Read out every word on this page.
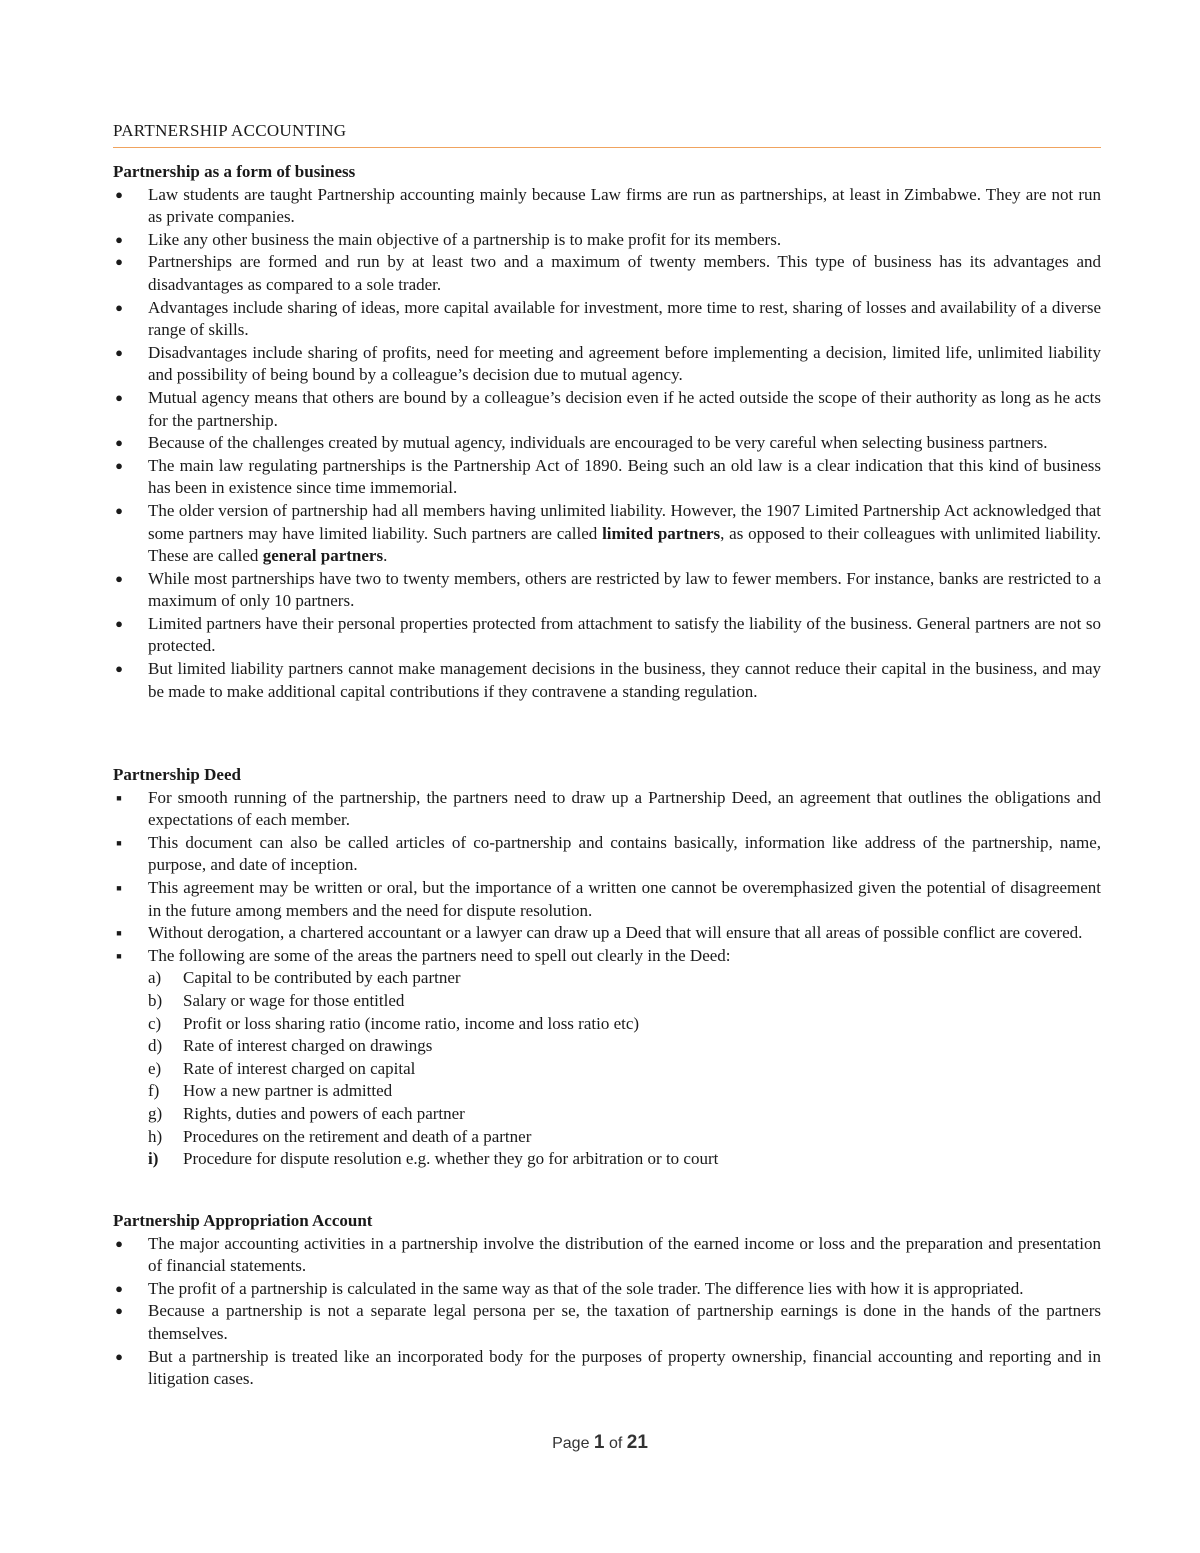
PARTNERSHIP ACCOUNTING
Partnership as a form of business
●
Law students are taught Partnership accounting mainly because Law firms are run as partnerships, at least in Zimbabwe. They are not run as private companies.
●
Like any other business the main objective of a partnership is to make profit for its members.
●
Partnerships are formed and run by at least two and a maximum of twenty members. This type of business has its advantages and disadvantages as compared to a sole trader.
●
Advantages include sharing of ideas, more capital available for investment, more time to rest, sharing of losses and availability of a diverse range of skills.
●
Disadvantages include sharing of profits, need for meeting and agreement before implementing a decision, limited life, unlimited liability and possibility of being bound by a colleague’s decision due to mutual agency.
●
Mutual agency means that others are bound by a colleague’s decision even if he acted outside the scope of their authority as long as he acts for the partnership.
●
Because of the challenges created by mutual agency, individuals are encouraged to be very careful when selecting business partners.
●
The main law regulating partnerships is the Partnership Act of 1890. Being such an old law is a clear indication that this kind of business has been in existence since time immemorial.
●
The older version of partnership had all members having unlimited liability. However, the 1907 Limited Partnership Act acknowledged that some partners may have limited liability. Such partners are called limited partners, as opposed to their colleagues with unlimited liability. These are called general partners.
●
While most partnerships have two to twenty members, others are restricted by law to fewer members. For instance, banks are restricted to a maximum of only 10 partners.
●
Limited partners have their personal properties protected from attachment to satisfy the liability of the business. General partners are not so protected.
●
But limited liability partners cannot make management decisions in the business, they cannot reduce their capital in the business, and may be made to make additional capital contributions if they contravene a standing regulation.
Partnership Deed
■
For smooth running of the partnership, the partners need to draw up a Partnership Deed, an agreement that outlines the obligations and expectations of each member.
■
This document can also be called articles of co-partnership and contains basically, information like address of the partnership, name, purpose, and date of inception.
■
This agreement may be written or oral, but the importance of a written one cannot be overemphasized given the potential of disagreement in the future among members and the need for dispute resolution.
■
Without derogation, a chartered accountant or a lawyer can draw up a Deed that will ensure that all areas of possible conflict are covered.
■
The following are some of the areas the partners need to spell out clearly in the Deed:
a) Capital to be contributed by each partner
b) Salary or wage for those entitled
c) Profit or loss sharing ratio (income ratio, income and loss ratio etc)
d) Rate of interest charged on drawings
e) Rate of interest charged on capital
f) How a new partner is admitted
g) Rights, duties and powers of each partner
h) Procedures on the retirement and death of a partner
i) Procedure for dispute resolution e.g. whether they go for arbitration or to court
Partnership Appropriation Account
●
The major accounting activities in a partnership involve the distribution of the earned income or loss and the preparation and presentation of financial statements.
●
The profit of a partnership is calculated in the same way as that of the sole trader. The difference lies with how it is appropriated.
●
Because a partnership is not a separate legal persona per se, the taxation of partnership earnings is done in the hands of the partners themselves.
●
But a partnership is treated like an incorporated body for the purposes of property ownership, financial accounting and reporting and in litigation cases.
Page 1 of 21
